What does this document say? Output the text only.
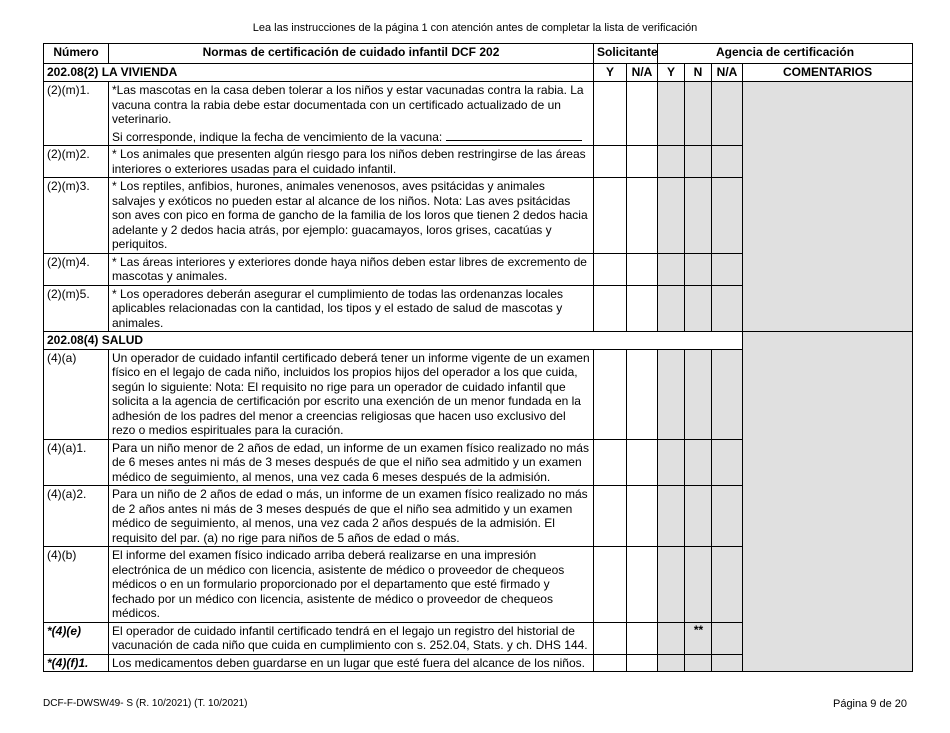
Lea las instrucciones de la página 1 con atención antes de completar la lista de verificación
Número	Normas de certificación de cuidado infantil DCF 202	Solicitante		Agencia de certificación			
202.08(2) LA VIVIENDA		Y	N/A	Y	N	N/A	COMENTARIOS
(2)(m)1.	*Las mascotas en la casa deben tolerar a los niños y estar vacunadas contra la rabia. La vacuna contra la rabia debe estar documentada con un certificado actualizado de un veterinario.
Si corresponde, indique la fecha de vencimiento de la vacuna:						

(2)(m)2.	* Los animales que presenten algún riesgo para los niños deben restringirse de las áreas interiores o exteriores usadas para el cuidado infantil.						
(2)(m)3.	* Los reptiles, anfibios, hurones, animales venenosos, aves psitácidas y animales salvajes y exóticos no pueden estar al alcance de los niños. Nota: Las aves psitácidas son aves con pico en forma de gancho de la familia de los loros que tienen 2 dedos hacia adelante y 2 dedos hacia atrás, por ejemplo: guacamayos, loros grises, cacatúas y periquitos.						
(2)(m)4.	* Las áreas interiores y exteriores donde haya niños deben estar libres de excremento de mascotas y animales.						
(2)(m)5.	* Los operadores deberán asegurar el cumplimiento de todas las ordenanzas locales aplicables relacionadas con la cantidad, los tipos y el estado de salud de mascotas y animales.						
202.08(4) SALUD							
(4)(a)	Un operador de cuidado infantil certificado deberá tener un informe vigente de un examen físico en el legajo de cada niño, incluidos los propios hijos del operador a los que cuida, según lo siguiente: Nota: El requisito no rige para un operador de cuidado infantil que solicita a la agencia de certificación por escrito una exención de un menor fundada en la adhesión de los padres del menor a creencias religiosas que hacen uso exclusivo del rezo o medios espirituales para la curación.						
(4)(a)1.	Para un niño menor de 2 años de edad, un informe de un examen físico realizado no más de 6 meses antes ni más de 3 meses después de que el niño sea admitido y un examen médico de seguimiento, al menos, una vez cada 6 meses después de la admisión.						
(4)(a)2.	Para un niño de 2 años de edad o más, un informe de un examen físico realizado no más de 2 años antes ni más de 3 meses después de que el niño sea admitido y un examen médico de seguimiento, al menos, una vez cada 2 años después de la admisión. El requisito del par. (a) no rige para niños de 5 años de edad o más.						
(4)(b)	El informe del examen físico indicado arriba deberá realizarse en una impresión electrónica de un médico con licencia, asistente de médico o proveedor de chequeos médicos o en un formulario proporcionado por el departamento que esté firmado y fechado por un médico con licencia, asistente de médico o proveedor de chequeos médicos.						
*(4)(e)	El operador de cuidado infantil certificado tendrá en el legajo un registro del historial de vacunación de cada niño que cuida en cumplimiento con s. 252.04, Stats. y ch. DHS 144.				**		
*(4)(f)1.	Los medicamentos deben guardarse en un lugar que esté fuera del alcance de los niños.						
DCF-F-DWSW49- S (R. 10/2021) (T. 10/2021)	Página 9 de 20
